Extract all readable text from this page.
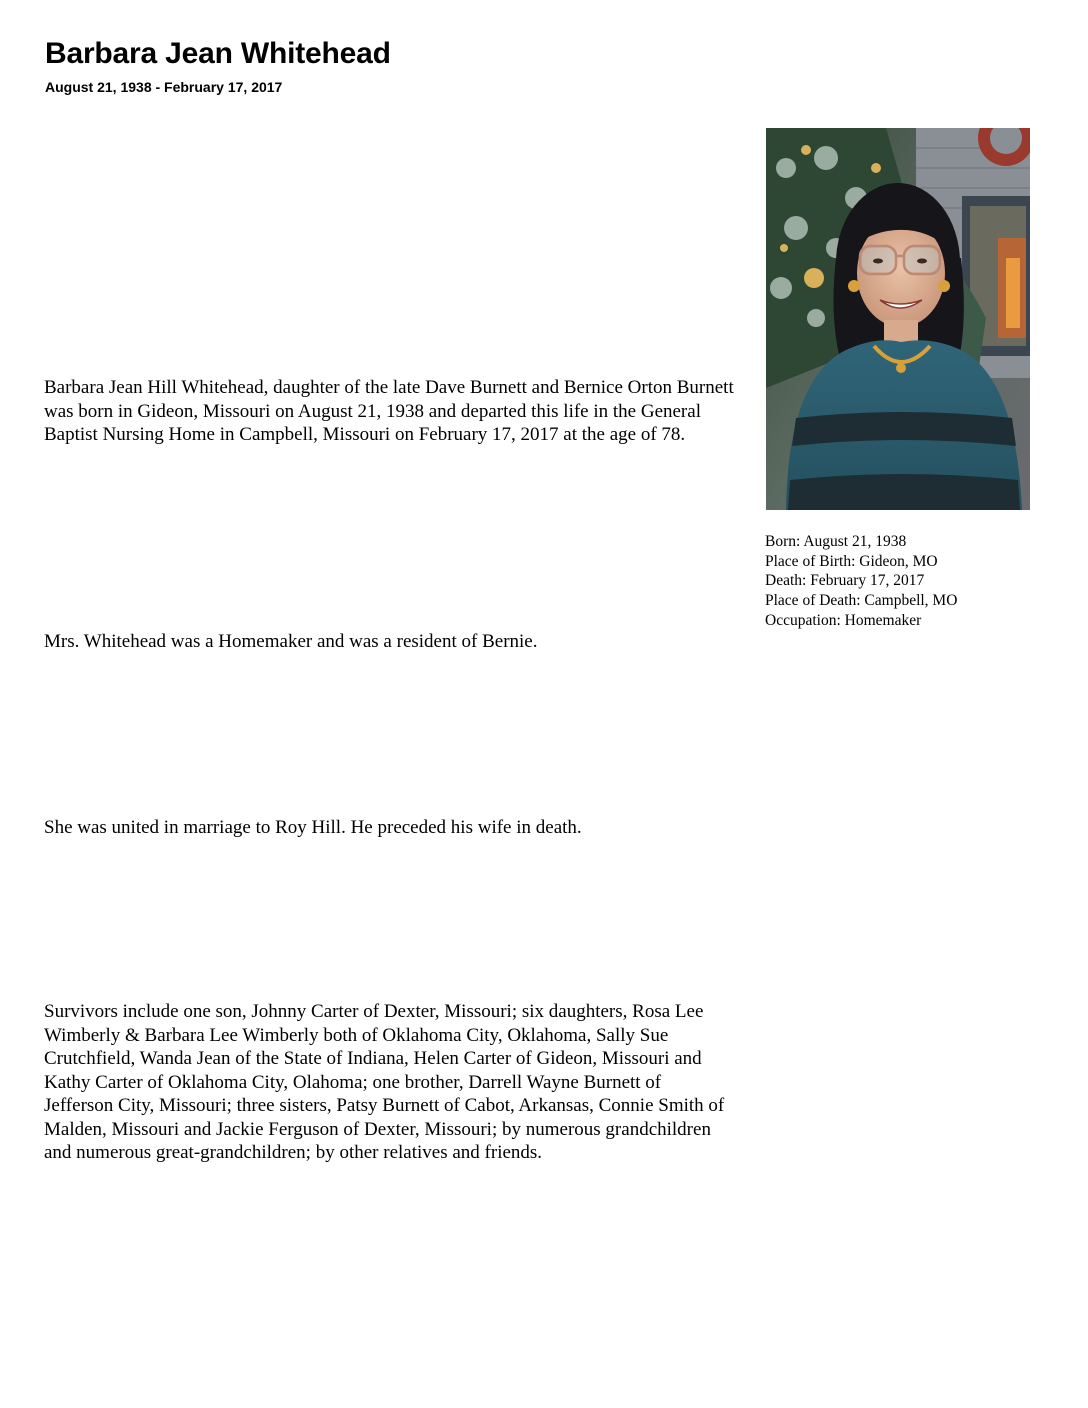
Barbara Jean Whitehead
August 21, 1938 - February 17, 2017

Barbara Jean Hill Whitehead, daughter of the late Dave Burnett and Bernice Orton Burnett was born in Gideon, Missouri on August 21, 1938 and departed this life in the General Baptist Nursing Home in Campbell, Missouri on February 17, 2017 at the age of 78.

Mrs. Whitehead was a Homemaker and was a resident of Bernie.

She was united in marriage to Roy Hill. He preceded his wife in death.

Survivors include one son, Johnny Carter of Dexter, Missouri; six daughters, Rosa Lee Wimberly & Barbara Lee Wimberly both of Oklahoma City, Oklahoma, Sally Sue Crutchfield, Wanda Jean of the State of Indiana, Helen Carter of Gideon, Missouri and Kathy Carter of Oklahoma City, Olahoma; one brother, Darrell Wayne Burnett of Jefferson City, Missouri; three sisters, Patsy Burnett of Cabot, Arkansas, Connie Smith of Malden, Missouri and Jackie Ferguson of Dexter, Missouri; by numerous grandchildren and numerous great-grandchildren; by other relatives and friends.

Born: August 21, 1938
Place of Birth: Gideon, MO
Death: February 17, 2017
Place of Death: Campbell, MO
Occupation: Homemaker
